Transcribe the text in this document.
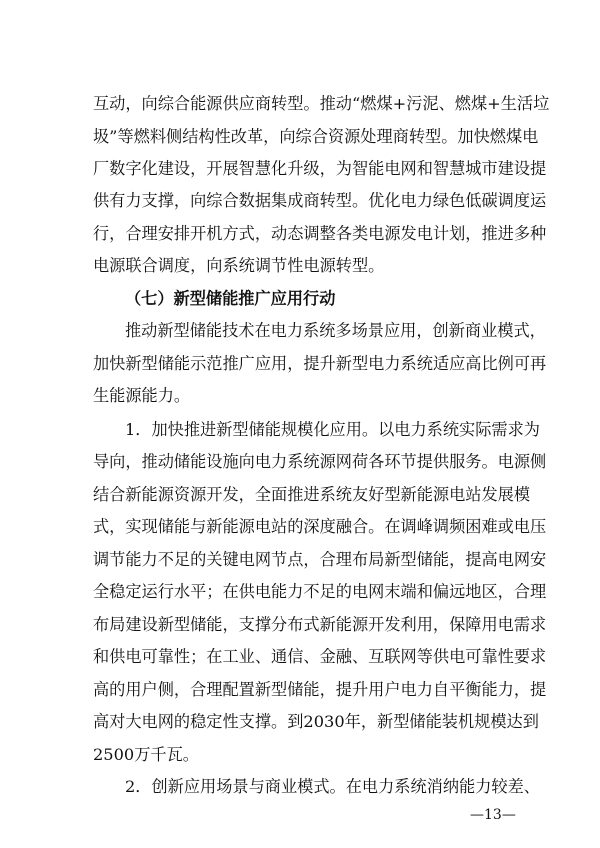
互动，向综合能源供应商转型。推动“燃煤+污泥、燃煤+生活垃
圾”等燃料侧结构性改革，向综合资源处理商转型。加快燃煤电
厂数字化建设，开展智慧化升级，为智能电网和智慧城市建设提
供有力支撑，向综合数据集成商转型。优化电力绿色低碳调度运
行，合理安排开机方式，动态调整各类电源发电计划，推进多种
电源联合调度，向系统调节性电源转型。
（七）新型储能推广应用行动
推动新型储能技术在电力系统多场景应用，创新商业模式，
加快新型储能示范推广应用，提升新型电力系统适应高比例可再
生能源能力。
1．加快推进新型储能规模化应用。以电力系统实际需求为
导向，推动储能设施向电力系统源网荷各环节提供服务。电源侧
结合新能源资源开发，全面推进系统友好型新能源电站发展模
式，实现储能与新能源电站的深度融合。在调峰调频困难或电压
调节能力不足的关键电网节点，合理布局新型储能，提高电网安
全稳定运行水平；在供电能力不足的电网末端和偏远地区，合理
布局建设新型储能，支撑分布式新能源开发利用，保障用电需求
和供电可靠性；在工业、通信、金融、互联网等供电可靠性要求
高的用户侧，合理配置新型储能，提升用户电力自平衡能力，提
高对大电网的稳定性支撑。到2030年，新型储能装机规模达到
2500万千瓦。
2．创新应用场景与商业模式。在电力系统消纳能力较差、
—13—
